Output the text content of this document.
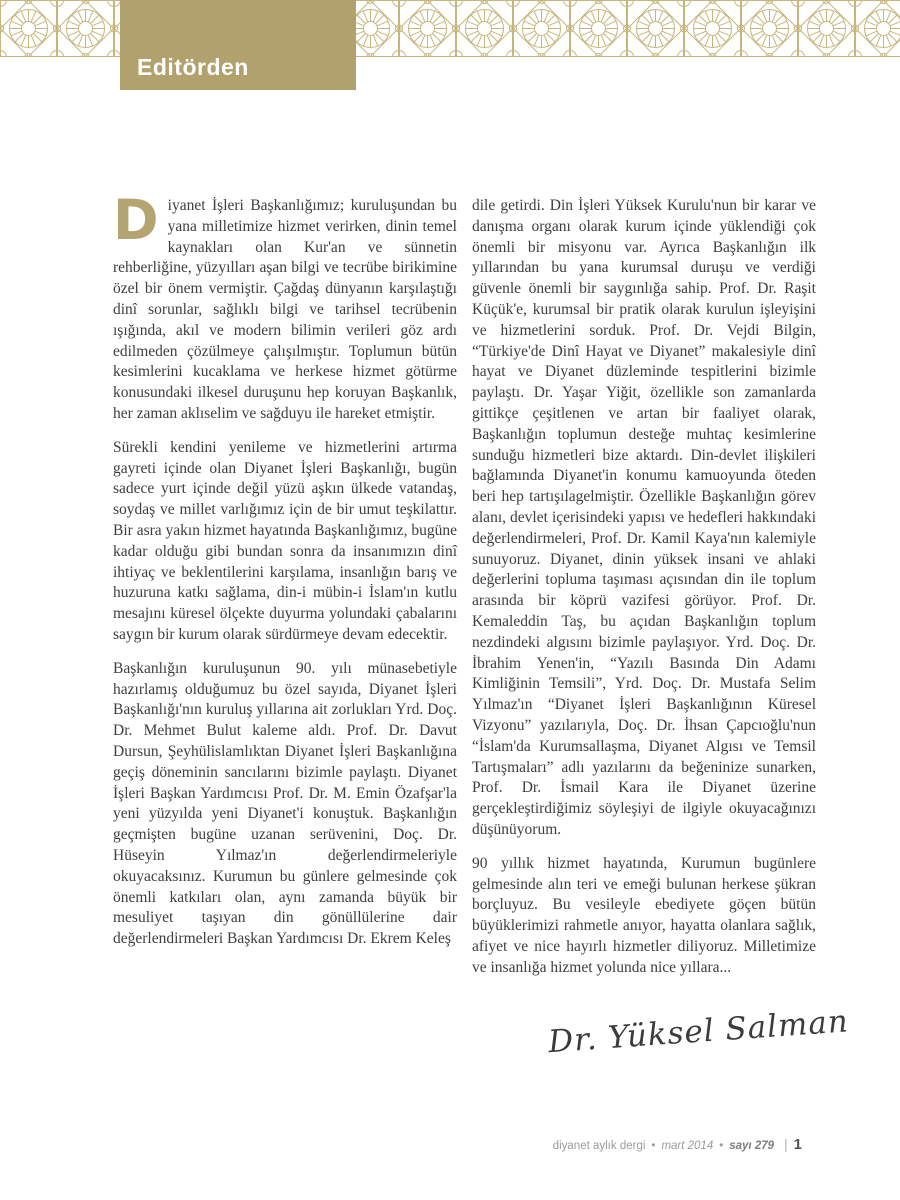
Editörden

Diyanet İşleri Başkanlığımız; kuruluşundan bu yana milletimize hizmet verirken, dinin temel kaynakları olan Kur'an ve sünnetin rehberliğine, yüzyılları aşan bilgi ve tecrübe birikimine özel bir önem vermiştir. Çağdaş dünyanın karşılaştığı dinî sorunlar, sağlıklı bilgi ve tarihsel tecrübenin ışığında, akıl ve modern bilimin verileri göz ardı edilmeden çözülmeye çalışılmıştır. Toplumun bütün kesimlerini kucaklama ve herkese hizmet götürme konusundaki ilkesel duruşunu hep koruyan Başkanlık, her zaman aklıselim ve sağduyu ile hareket etmiştir.

Sürekli kendini yenileme ve hizmetlerini artırma gayreti içinde olan Diyanet İşleri Başkanlığı, bugün sadece yurt içinde değil yüzü aşkın ülkede vatandaş, soydaş ve millet varlığımız için de bir umut teşkilattır. Bir asra yakın hizmet hayatında Başkanlığımız, bugüne kadar olduğu gibi bundan sonra da insanımızın dinî ihtiyaç ve beklentilerini karşılama, insanlığın barış ve huzuruna katkı sağlama, din-i mübin-i İslam'ın kutlu mesajını küresel ölçekte duyurma yolundaki çabalarını saygın bir kurum olarak sürdürmeye devam edecektir.

Başkanlığın kuruluşunun 90. yılı münasebetiyle hazırlamış olduğumuz bu özel sayıda, Diyanet İşleri Başkanlığı'nın kuruluş yıllarına ait zorlukları Yrd. Doç. Dr. Mehmet Bulut kaleme aldı. Prof. Dr. Davut Dursun, Şeyhülislamlıktan Diyanet İşleri Başkanlığına geçiş döneminin sancılarını bizimle paylaştı. Diyanet İşleri Başkan Yardımcısı Prof. Dr. M. Emin Özafşar'la yeni yüzyılda yeni Diyanet'i konuştuk. Başkanlığın geçmişten bugüne uzanan serüvenini, Doç. Dr. Hüseyin Yılmaz'ın değerlendirmeleriyle okuyacaksınız. Kurumun bu günlere gelmesinde çok önemli katkıları olan, aynı zamanda büyük bir mesuliyet taşıyan din gönüllülerine dair değerlendirmeleri Başkan Yardımcısı Dr. Ekrem Keleş

dile getirdi. Din İşleri Yüksek Kurulu'nun bir karar ve danışma organı olarak kurum içinde yüklendiği çok önemli bir misyonu var. Ayrıca Başkanlığın ilk yıllarından bu yana kurumsal duruşu ve verdiği güvenle önemli bir saygınlığa sahip. Prof. Dr. Raşit Küçük'e, kurumsal bir pratik olarak kurulun işleyişini ve hizmetlerini sorduk. Prof. Dr. Vejdi Bilgin, “Türkiye'de Dinî Hayat ve Diyanet” makalesiyle dinî hayat ve Diyanet düzleminde tespitlerini bizimle paylaştı. Dr. Yaşar Yiğit, özellikle son zamanlarda gittikçe çeşitlenen ve artan bir faaliyet olarak, Başkanlığın toplumun desteğe muhtaç kesimlerine sunduğu hizmetleri bize aktardı. Din-devlet ilişkileri bağlamında Diyanet'in konumu kamuoyunda öteden beri hep tartışılagelmiştir. Özellikle Başkanlığın görev alanı, devlet içerisindeki yapısı ve hedefleri hakkındaki değerlendirmeleri, Prof. Dr. Kamil Kaya'nın kalemiyle sunuyoruz. Diyanet, dinin yüksek insani ve ahlaki değerlerini topluma taşıması açısından din ile toplum arasında bir köprü vazifesi görüyor. Prof. Dr. Kemaleddin Taş, bu açıdan Başkanlığın toplum nezdindeki algısını bizimle paylaşıyor. Yrd. Doç. Dr. İbrahim Yenen'in, “Yazılı Basında Din Adamı Kimliğinin Temsili”, Yrd. Doç. Dr. Mustafa Selim Yılmaz'ın “Diyanet İşleri Başkanlığının Küresel Vizyonu” yazılarıyla, Doç. Dr. İhsan Çapcıoğlu'nun “İslam'da Kurumsallaşma, Diyanet Algısı ve Temsil Tartışmaları” adlı yazılarını da beğeninize sunarken, Prof. Dr. İsmail Kara ile Diyanet üzerine gerçekleştirdiğimiz söyleşiyi de ilgiyle okuyacağınızı düşünüyorum.

90 yıllık hizmet hayatında, Kurumun bugünlere gelmesinde alın teri ve emeği bulunan herkese şükran borçluyuz. Bu vesileyle ebediyete göçen bütün büyüklerimizi rahmetle anıyor, hayatta olanlara sağlık, afiyet ve nice hayırlı hizmetler diliyoruz. Milletimize ve insanlığa hizmet yolunda nice yıllara...

Dr. Yüksel Salman
diyanet aylık dergi • mart 2014 • sayı 279 | 1
